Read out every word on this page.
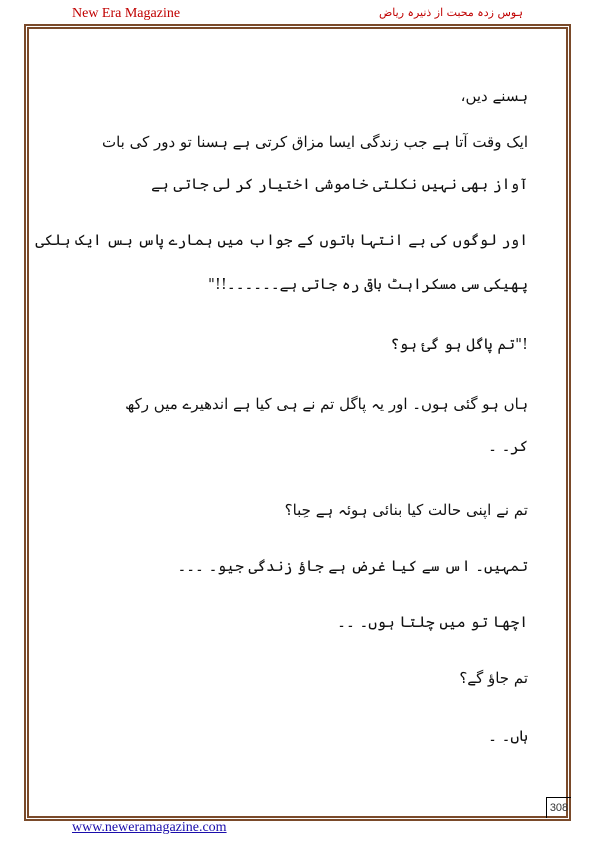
New Era Magazine	ہوس زدہ محبت از ذنیرہ ریاض
ہسنے دیں،
ایک وقت آتا ہے جب زندگی ایسا مزاق کرتی ہے ہسنا تو دور کی بات
آواز بھی نہیں نکلتی خاموشی اختیار کر لی جاتی ہے
اور لوگوں کی بے انتہا باتوں کے جواب میں ہمارے پاس بس ایک ہلکی
پھیکی سی مسکراہٹ باقی رہ جاتی ہے۔۔۔۔۔۔!!"
!"تم پاگل ہو گئ ہو؟
ہاں ہو گئی ہوں۔ اور یہ پاگل تم نے ہی کیا ہے اندھیرے میں رکھ
کر۔ ۔
تم نے اپنی حالت کیا بنائی ہوئہ ہے حِبا؟
تمہیں۔ اس سے کیا غرض ہے جاؤ زندگی جیو۔ ۔۔۔
اچھا تو میں چلتا ہوں۔ ۔۔
تم جاؤ گے؟
ہاں۔ ۔
308
www.neweramagazine.com
